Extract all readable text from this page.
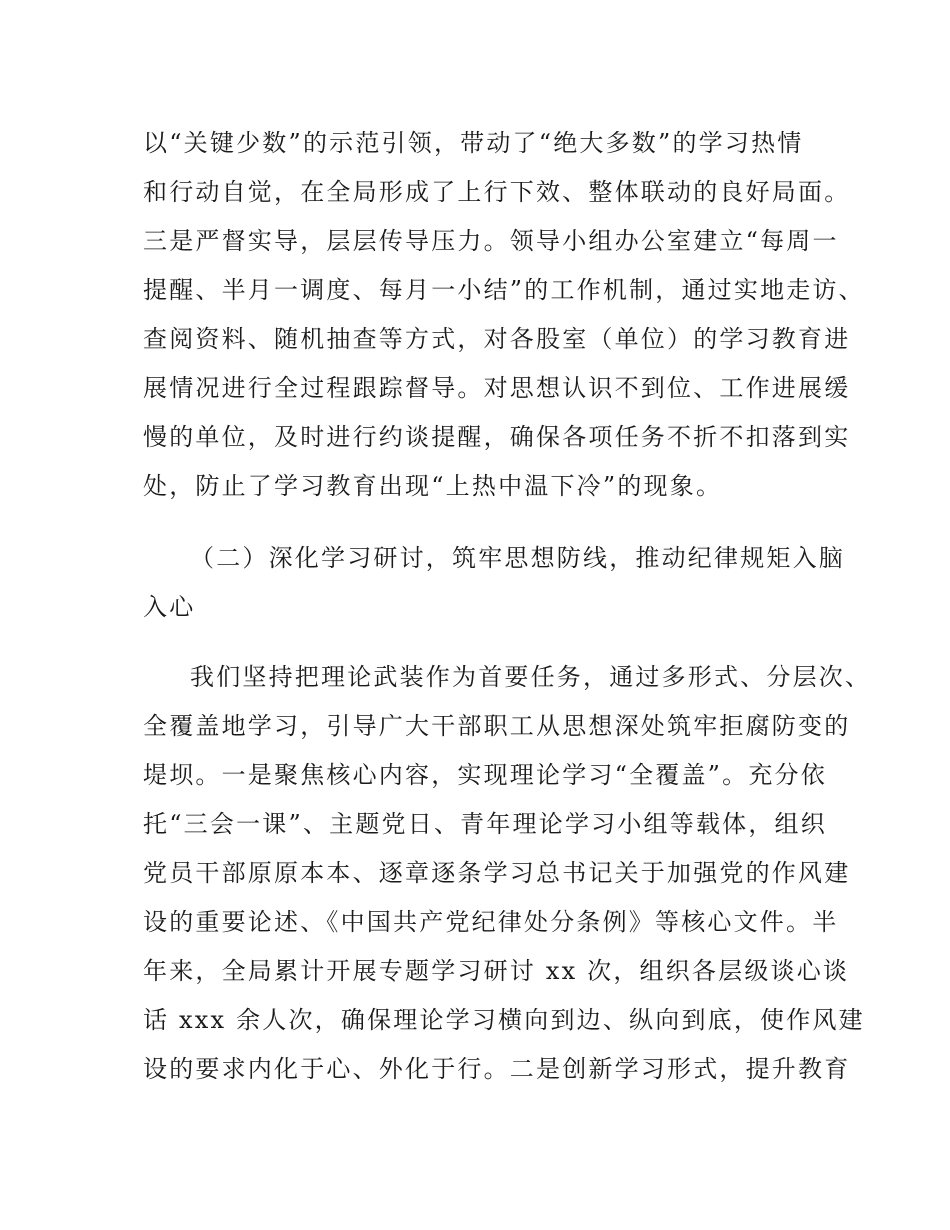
以“关键少数”的示范引领，带动了“绝大多数”的学习热情
和行动自觉，在全局形成了上行下效、整体联动的良好局面。
三是严督实导，层层传导压力。领导小组办公室建立“每周一
提醒、半月一调度、每月一小结”的工作机制，通过实地走访、
查阅资料、随机抽查等方式，对各股室（单位）的学习教育进
展情况进行全过程跟踪督导。对思想认识不到位、工作进展缓
慢的单位，及时进行约谈提醒，确保各项任务不折不扣落到实
处，防止了学习教育出现“上热中温下冷”的现象。
（二）深化学习研讨，筑牢思想防线，推动纪律规矩入脑
入心
我们坚持把理论武装作为首要任务，通过多形式、分层次、
全覆盖地学习，引导广大干部职工从思想深处筑牢拒腐防变的
堤坝。一是聚焦核心内容，实现理论学习“全覆盖”。充分依
托“三会一课”、主题党日、青年理论学习小组等载体，组织
党员干部原原本本、逐章逐条学习总书记关于加强党的作风建
设的重要论述、《中国共产党纪律处分条例》等核心文件。半
年来，全局累计开展专题学习研讨 xx 次，组织各层级谈心谈
话 xxx 余人次，确保理论学习横向到边、纵向到底，使作风建
设的要求内化于心、外化于行。二是创新学习形式，提升教育
